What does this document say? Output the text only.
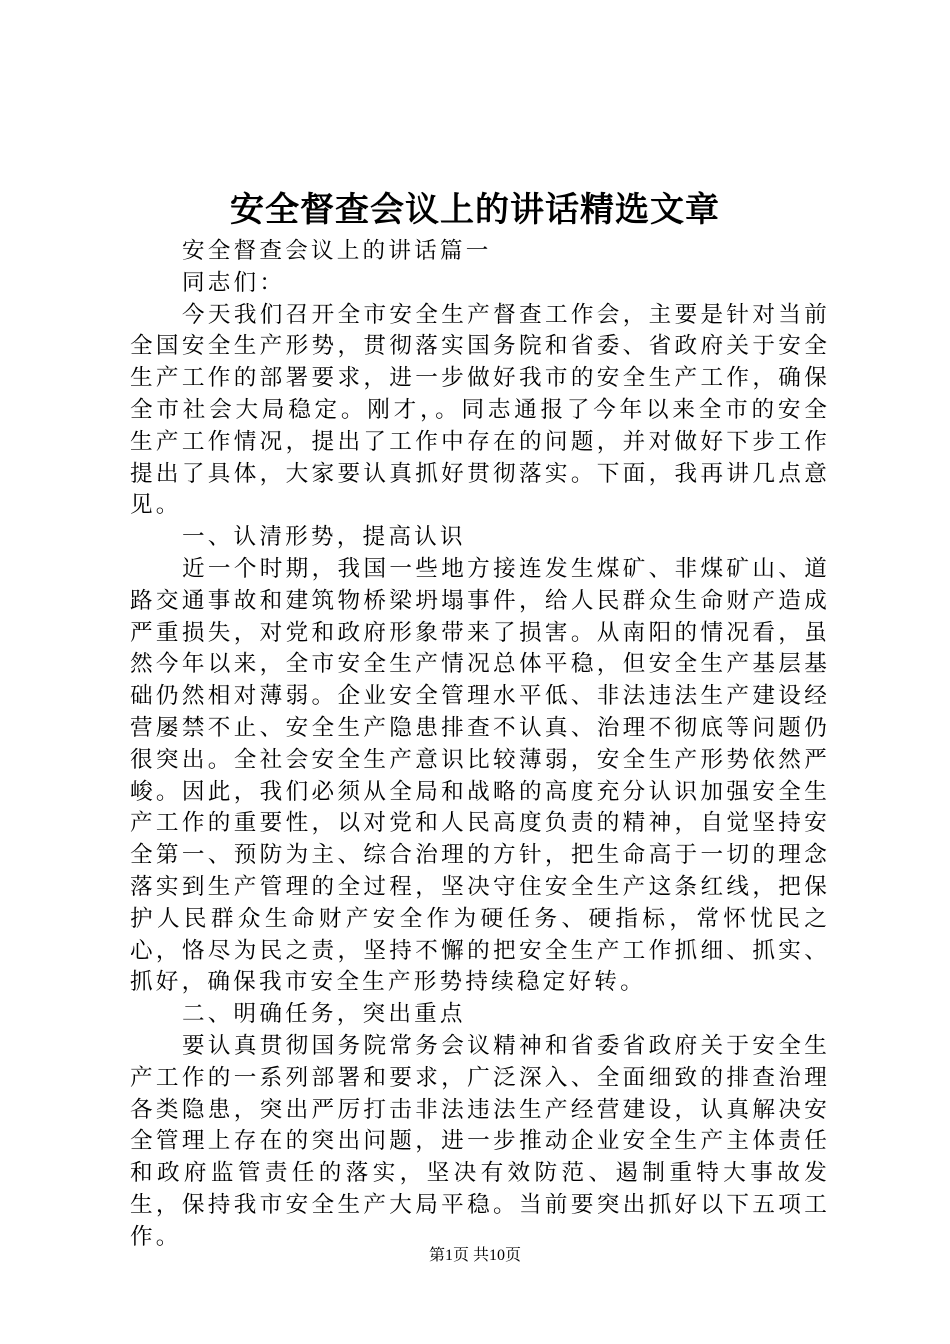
安全督查会议上的讲话精选文章

安全督查会议上的讲话篇一

同志们：

今天我们召开全市安全生产督查工作会，主要是针对当前全国安全生产形势，贯彻落实国务院和省委、省政府关于安全生产工作的部署要求，进一步做好我市的安全生产工作，确保全市社会大局稳定。刚才，。同志通报了今年以来全市的安全生产工作情况，提出了工作中存在的问题，并对做好下步工作提出了具体，大家要认真抓好贯彻落实。下面，我再讲几点意见。

一、认清形势，提高认识

近一个时期，我国一些地方接连发生煤矿、非煤矿山、道路交通事故和建筑物桥梁坍塌事件，给人民群众生命财产造成严重损失，对党和政府形象带来了损害。从南阳的情况看，虽然今年以来，全市安全生产情况总体平稳，但安全生产基层基础仍然相对薄弱。企业安全管理水平低、非法违法生产建设经营屡禁不止、安全生产隐患排查不认真、治理不彻底等问题仍很突出。全社会安全生产意识比较薄弱，安全生产形势依然严峻。因此，我们必须从全局和战略的高度充分认识加强安全生产工作的重要性，以对党和人民高度负责的精神，自觉坚持安全第一、预防为主、综合治理的方针，把生命高于一切的理念落实到生产管理的全过程，坚决守住安全生产这条红线，把保护人民群众生命财产安全作为硬任务、硬指标，常怀忧民之心，恪尽为民之责，坚持不懈的把安全生产工作抓细、抓实、抓好，确保我市安全生产形势持续稳定好转。

二、明确任务，突出重点

要认真贯彻国务院常务会议精神和省委省政府关于安全生产工作的一系列部署和要求，广泛深入、全面细致的排查治理各类隐患，突出严厉打击非法违法生产经营建设，认真解决安全管理上存在的突出问题，进一步推动企业安全生产主体责任和政府监管责任的落实，坚决有效防范、遏制重特大事故发生，保持我市安全生产大局平稳。当前要突出抓好以下五项工作。

第1页 共10页
